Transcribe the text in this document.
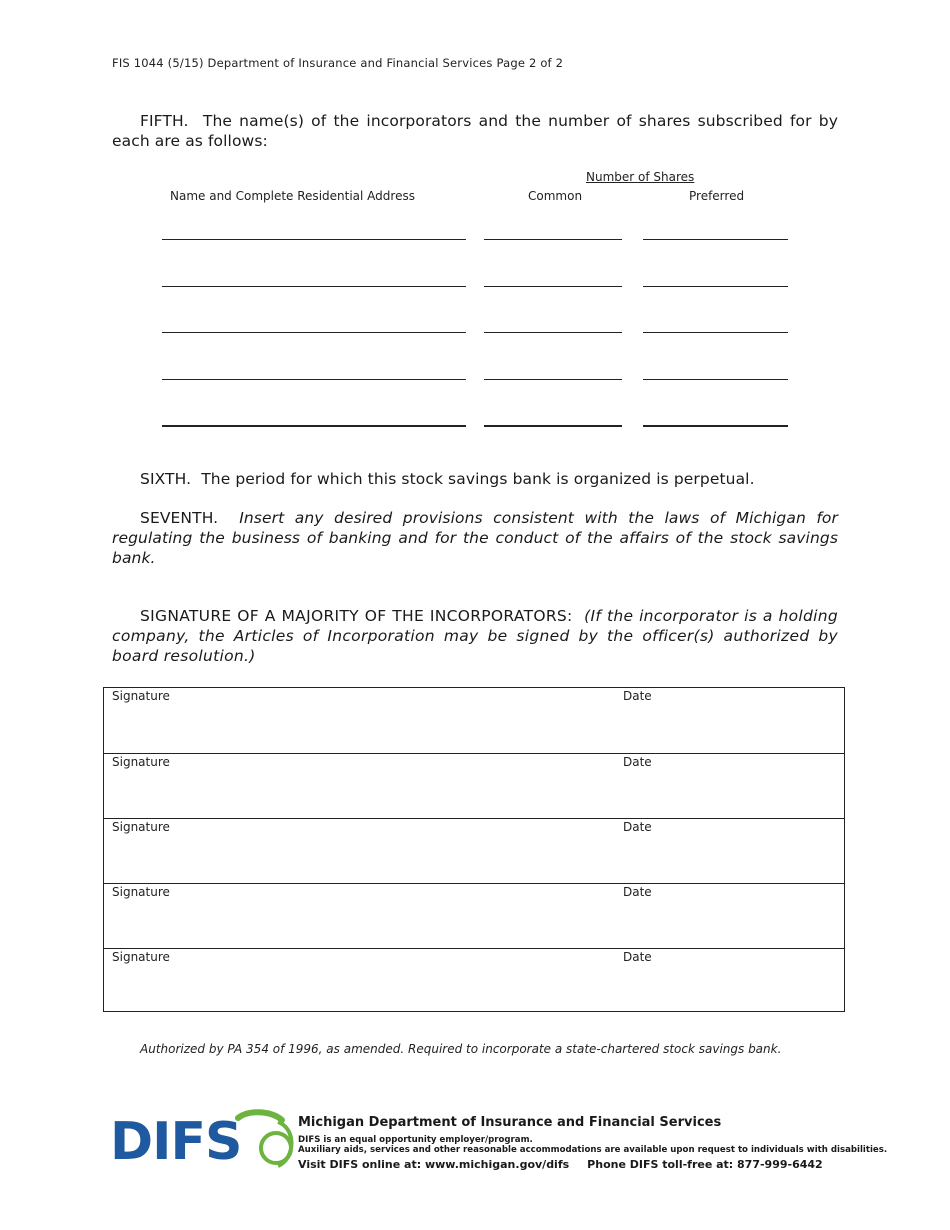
FIS 1044 (5/15) Department of Insurance and Financial Services Page 2 of 2
FIFTH. The name(s) of the incorporators and the number of shares subscribed for by each are as follows:
Number of Shares
Name and Complete Residential Address	Common	Preferred
SIXTH. The period for which this stock savings bank is organized is perpetual.
SEVENTH. Insert any desired provisions consistent with the laws of Michigan for regulating the business of banking and for the conduct of the affairs of the stock savings bank.
SIGNATURE OF A MAJORITY OF THE INCORPORATORS: (If the incorporator is a holding company, the Articles of Incorporation may be signed by the officer(s) authorized by board resolution.)
Signature	Date
Signature	Date
Signature	Date
Signature	Date
Signature	Date
Authorized by PA 354 of 1996, as amended. Required to incorporate a state-chartered stock savings bank.
DIFS	Michigan Department of Insurance and Financial Services
DIFS is an equal opportunity employer/program.
Auxiliary aids, services and other reasonable accommodations are available upon request to individuals with disabilities.
Visit DIFS online at: www.michigan.gov/difs Phone DIFS toll-free at: 877-999-6442
